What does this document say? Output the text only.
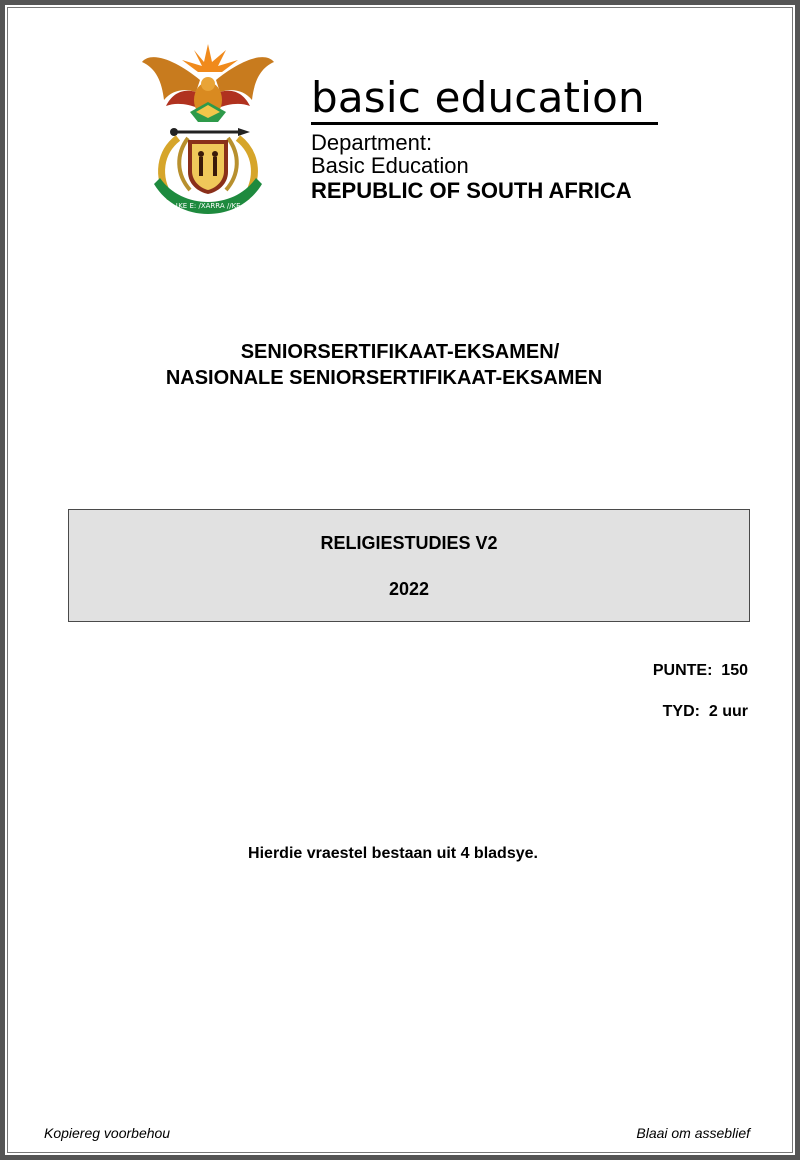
!KE E: /XARRA //KE
basic education
Department:
Basic Education
REPUBLIC OF SOUTH AFRICA
SENIORSERTIFIKAAT-EKSAMEN/
NASIONALE SENIORSERTIFIKAAT-EKSAMEN
RELIGIESTUDIES V2
2022
PUNTE:  150
TYD:  2 uur
Hierdie vraestel bestaan uit 4 bladsye.
Kopiereg voorbehou	Blaai om asseblief
